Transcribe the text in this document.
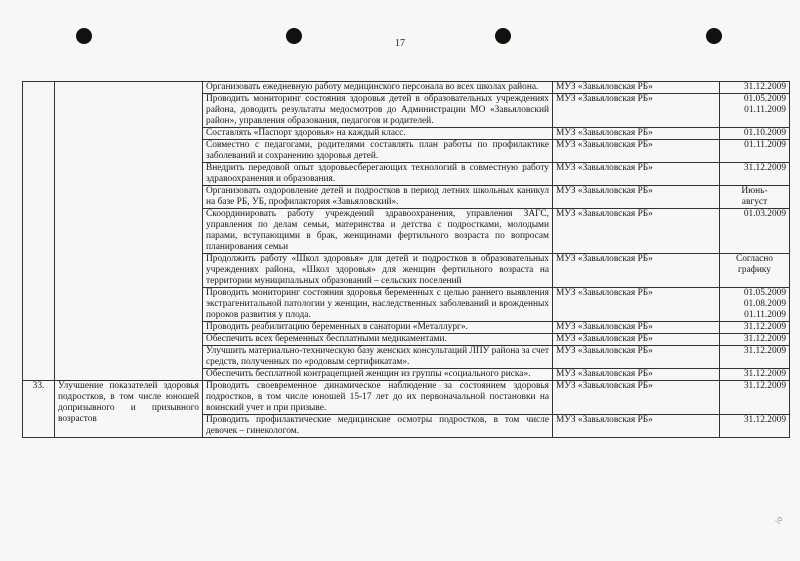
17
		Организовать ежедневную работу медицинского персонала во всех школах района.	МУЗ «Завьяловская РБ»	31.12.2009

		Проводить мониторинг состояния здоровья детей в образовательных учреждениях района, доводить результаты медосмотров до Администрации МО «Завьяловский район», управления образования, педагогов и родителей.	МУЗ «Завьяловская РБ»	01.05.2009
01.11.2009

		Составлять «Паспорт здоровья» на каждый класс.	МУЗ «Завьяловская РБ»	01.10.2009

		Совместно с педагогами, родителями составлять план работы по профилактике заболеваний и сохранению здоровья детей.	МУЗ «Завьяловская РБ»	01.11.2009

		Внедрить передовой опыт здоровьесберегающих технологий в совместную работу здравоохранения и образования.	МУЗ «Завьяловская РБ»	31.12.2009

		Организовать оздоровление детей и подростков в период летних школьных каникул на базе РБ, УБ, профилактория «Завьяловский».	МУЗ «Завьяловская РБ»	Июнь-
август

		Скоординировать работу учреждений здравоохранения, управления ЗАГС, управления по делам семьи, материнства и детства с подростками, молодыми парами, вступающими в брак, женщинами фертильного возраста по вопросам планирования семьи	МУЗ «Завьяловская РБ»	01.03.2009

		Продолжить работу «Школ здоровья» для детей и подростков в образовательных учреждениях района, «Школ здоровья» для женщин фертильного возраста на территории муниципальных образований – сельских поселений	МУЗ «Завьяловская РБ»	Согласно
графику

		Проводить мониторинг состояния здоровья беременных с целью раннего выявления экстрагенитальной патологии у женщин, наследственных заболеваний и врожденных пороков развития у плода.	МУЗ «Завьяловская РБ»	01.05.2009
01.08.2009
01.11.2009

		Проводить реабилитацию беременных в санатории «Металлург».	МУЗ «Завьяловская РБ»	31.12.2009

		Обеспечить всех беременных бесплатными медикаментами.	МУЗ «Завьяловская РБ»	31.12.2009

		Улучшить материально-техническую базу женских консультаций ЛПУ района за счет средств, полученных по «родовым сертификатам».	МУЗ «Завьяловская РБ»	31.12.2009

		Обеспечить бесплатной контрацепцией женщин из группы «социального риска».	МУЗ «Завьяловская РБ»	31.12.2009

33.	Улучшение показателей здоровья подростков, в том числе юношей допризывного и призывного возрастов	Проводить своевременное динамическое наблюдение за состоянием здоровья подростков, в том числе юношей 15-17 лет до их первоначальной постановки на воинский учет и при призыве.	МУЗ «Завьяловская РБ»	31.12.2009

		Проводить профилактические медицинские осмотры подростков, в том числе девочек – гинекологом.	МУЗ «Завьяловская РБ»	31.12.2009
/о
